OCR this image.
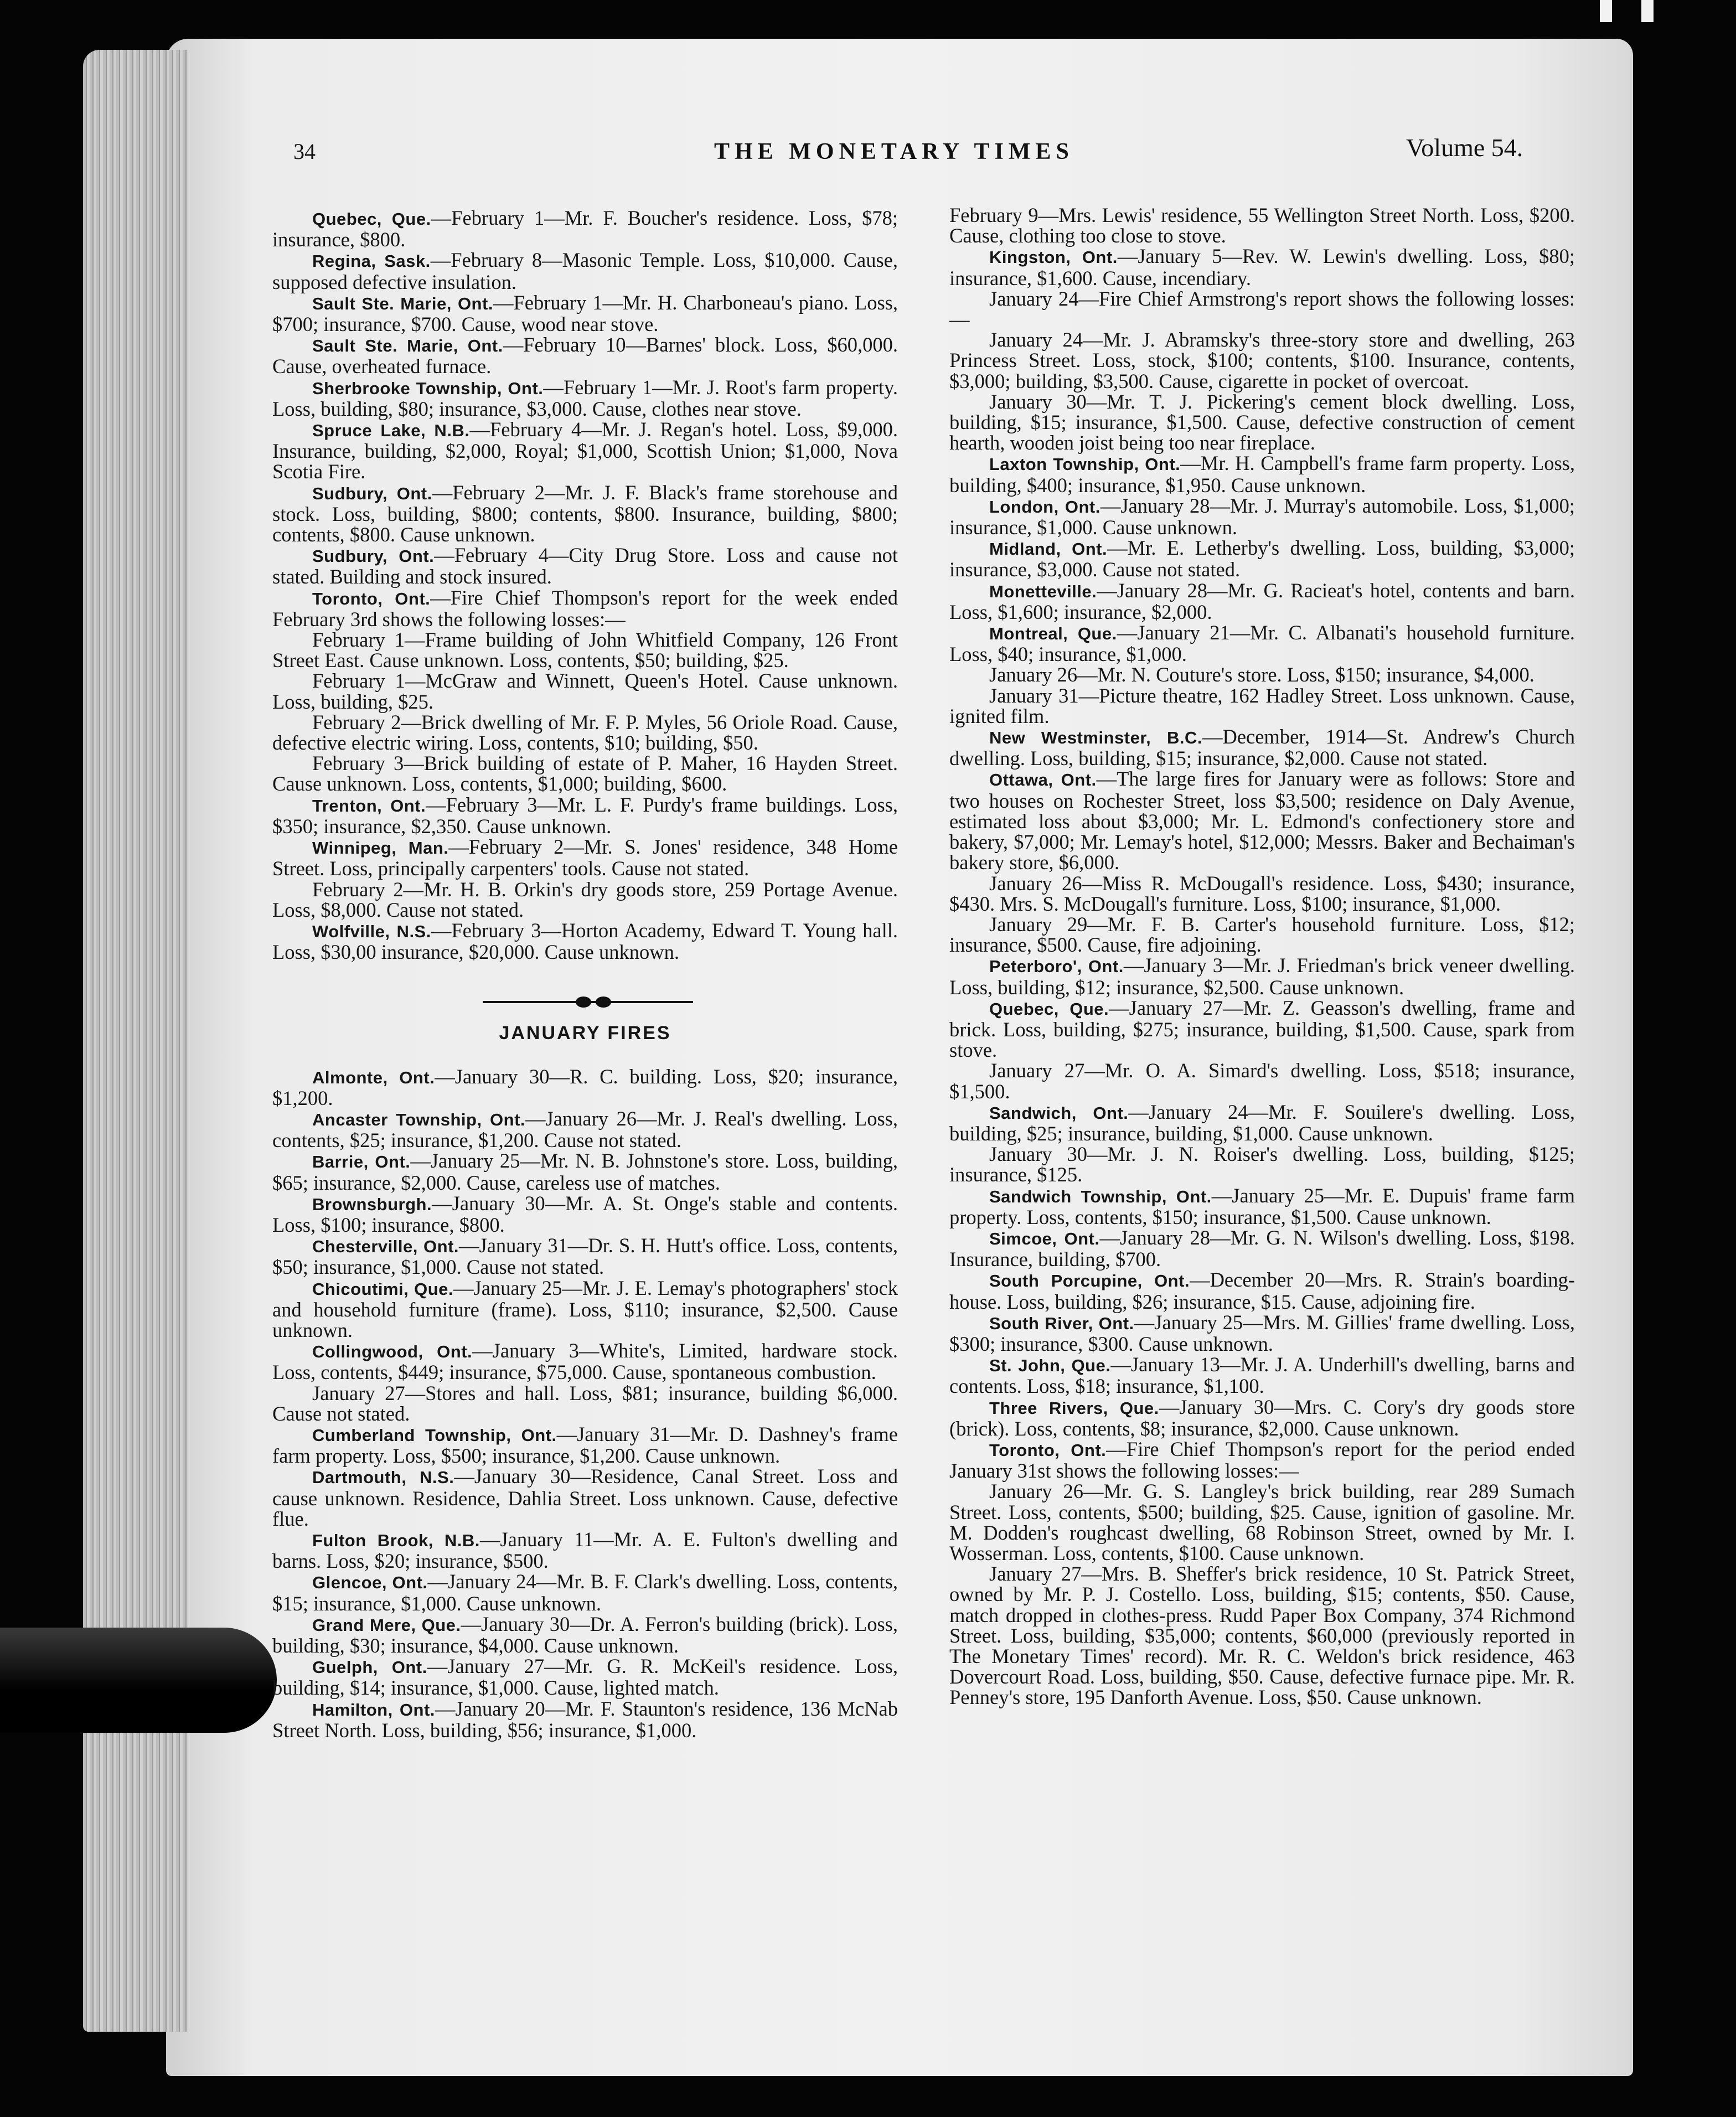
34	THE MONETARY TIMES	Volume 54.

Quebec, Que.—February 1—Mr. F. Boucher's residence. Loss, $78; insurance, $800.

Regina, Sask.—February 8—Masonic Temple. Loss, $10,000. Cause, supposed defective insulation.

Sault Ste. Marie, Ont.—February 1—Mr. H. Charboneau's piano. Loss, $700; insurance, $700. Cause, wood near stove.

Sault Ste. Marie, Ont.—February 10—Barnes' block. Loss, $60,000. Cause, overheated furnace.

Sherbrooke Township, Ont.—February 1—Mr. J. Root's farm property. Loss, building, $80; insurance, $3,000. Cause, clothes near stove.

Spruce Lake, N.B.—February 4—Mr. J. Regan's hotel. Loss, $9,000. Insurance, building, $2,000, Royal; $1,000, Scottish Union; $1,000, Nova Scotia Fire.

Sudbury, Ont.—February 2—Mr. J. F. Black's frame storehouse and stock. Loss, building, $800; contents, $800. Insurance, building, $800; contents, $800. Cause unknown.

Sudbury, Ont.—February 4—City Drug Store. Loss and cause not stated. Building and stock insured.

Toronto, Ont.—Fire Chief Thompson's report for the week ended February 3rd shows the following losses:—

February 1—Frame building of John Whitfield Company, 126 Front Street East. Cause unknown. Loss, contents, $50; building, $25.

February 1—McGraw and Winnett, Queen's Hotel. Cause unknown. Loss, building, $25.

February 2—Brick dwelling of Mr. F. P. Myles, 56 Oriole Road. Cause, defective electric wiring. Loss, contents, $10; building, $50.

February 3—Brick building of estate of P. Maher, 16 Hayden Street. Cause unknown. Loss, contents, $1,000; building, $600.

Trenton, Ont.—February 3—Mr. L. F. Purdy's frame buildings. Loss, $350; insurance, $2,350. Cause unknown.

Winnipeg, Man.—February 2—Mr. S. Jones' residence, 348 Home Street. Loss, principally carpenters' tools. Cause not stated.

February 2—Mr. H. B. Orkin's dry goods store, 259 Portage Avenue. Loss, $8,000. Cause not stated.

Wolfville, N.S.—February 3—Horton Academy, Edward T. Young hall. Loss, $30,00 insurance, $20,000. Cause unknown.

JANUARY FIRES

Almonte, Ont.—January 30—R. C. building. Loss, $20; insurance, $1,200.

Ancaster Township, Ont.—January 26—Mr. J. Real's dwelling. Loss, contents, $25; insurance, $1,200. Cause not stated.

Barrie, Ont.—January 25—Mr. N. B. Johnstone's store. Loss, building, $65; insurance, $2,000. Cause, careless use of matches.

Brownsburgh.—January 30—Mr. A. St. Onge's stable and contents. Loss, $100; insurance, $800.

Chesterville, Ont.—January 31—Dr. S. H. Hutt's office. Loss, contents, $50; insurance, $1,000. Cause not stated.

Chicoutimi, Que.—January 25—Mr. J. E. Lemay's photographers' stock and household furniture (frame). Loss, $110; insurance, $2,500. Cause unknown.

Collingwood, Ont.—January 3—White's, Limited, hardware stock. Loss, contents, $449; insurance, $75,000. Cause, spontaneous combustion.

January 27—Stores and hall. Loss, $81; insurance, building $6,000. Cause not stated.

Cumberland Township, Ont.—January 31—Mr. D. Dashney's frame farm property. Loss, $500; insurance, $1,200. Cause unknown.

Dartmouth, N.S.—January 30—Residence, Canal Street. Loss and cause unknown. Residence, Dahlia Street. Loss unknown. Cause, defective flue.

Fulton Brook, N.B.—January 11—Mr. A. E. Fulton's dwelling and barns. Loss, $20; insurance, $500.

Glencoe, Ont.—January 24—Mr. B. F. Clark's dwelling. Loss, contents, $15; insurance, $1,000. Cause unknown.

Grand Mere, Que.—January 30—Dr. A. Ferron's building (brick). Loss, building, $30; insurance, $4,000. Cause unknown.

Guelph, Ont.—January 27—Mr. G. R. McKeil's residence. Loss, building, $14; insurance, $1,000. Cause, lighted match.

Hamilton, Ont.—January 20—Mr. F. Staunton's residence, 136 McNab Street North. Loss, building, $56; insurance, $1,000.

February 9—Mrs. Lewis' residence, 55 Wellington Street North. Loss, $200. Cause, clothing too close to stove.

Kingston, Ont.—January 5—Rev. W. Lewin's dwelling. Loss, $80; insurance, $1,600. Cause, incendiary.

January 24—Fire Chief Armstrong's report shows the following losses:—

January 24—Mr. J. Abramsky's three-story store and dwelling, 263 Princess Street. Loss, stock, $100; contents, $100. Insurance, contents, $3,000; building, $3,500. Cause, cigarette in pocket of overcoat.

January 30—Mr. T. J. Pickering's cement block dwelling. Loss, building, $15; insurance, $1,500. Cause, defective construction of cement hearth, wooden joist being too near fireplace.

Laxton Township, Ont.—Mr. H. Campbell's frame farm property. Loss, building, $400; insurance, $1,950. Cause unknown.

London, Ont.—January 28—Mr. J. Murray's automobile. Loss, $1,000; insurance, $1,000. Cause unknown.

Midland, Ont.—Mr. E. Letherby's dwelling. Loss, building, $3,000; insurance, $3,000. Cause not stated.

Monetteville.—January 28—Mr. G. Racieat's hotel, contents and barn. Loss, $1,600; insurance, $2,000.

Montreal, Que.—January 21—Mr. C. Albanati's household furniture. Loss, $40; insurance, $1,000.

January 26—Mr. N. Couture's store. Loss, $150; insurance, $4,000.

January 31—Picture theatre, 162 Hadley Street. Loss unknown. Cause, ignited film.

New Westminster, B.C.—December, 1914—St. Andrew's Church dwelling. Loss, building, $15; insurance, $2,000. Cause not stated.

Ottawa, Ont.—The large fires for January were as follows: Store and two houses on Rochester Street, loss $3,500; residence on Daly Avenue, estimated loss about $3,000; Mr. L. Edmond's confectionery store and bakery, $7,000; Mr. Lemay's hotel, $12,000; Messrs. Baker and Bechaiman's bakery store, $6,000.

January 26—Miss R. McDougall's residence. Loss, $430; insurance, $430. Mrs. S. McDougall's furniture. Loss, $100; insurance, $1,000.

January 29—Mr. F. B. Carter's household furniture. Loss, $12; insurance, $500. Cause, fire adjoining.

Peterboro', Ont.—January 3—Mr. J. Friedman's brick veneer dwelling. Loss, building, $12; insurance, $2,500. Cause unknown.

Quebec, Que.—January 27—Mr. Z. Geasson's dwelling, frame and brick. Loss, building, $275; insurance, building, $1,500. Cause, spark from stove.

January 27—Mr. O. A. Simard's dwelling. Loss, $518; insurance, $1,500.

Sandwich, Ont.—January 24—Mr. F. Souilere's dwelling. Loss, building, $25; insurance, building, $1,000. Cause unknown.

January 30—Mr. J. N. Roiser's dwelling. Loss, building, $125; insurance, $125.

Sandwich Township, Ont.—January 25—Mr. E. Dupuis' frame farm property. Loss, contents, $150; insurance, $1,500. Cause unknown.

Simcoe, Ont.—January 28—Mr. G. N. Wilson's dwelling. Loss, $198. Insurance, building, $700.

South Porcupine, Ont.—December 20—Mrs. R. Strain's boarding-house. Loss, building, $26; insurance, $15. Cause, adjoining fire.

South River, Ont.—January 25—Mrs. M. Gillies' frame dwelling. Loss, $300; insurance, $300. Cause unknown.

St. John, Que.—January 13—Mr. J. A. Underhill's dwelling, barns and contents. Loss, $18; insurance, $1,100.

Three Rivers, Que.—January 30—Mrs. C. Cory's dry goods store (brick). Loss, contents, $8; insurance, $2,000. Cause unknown.

Toronto, Ont.—Fire Chief Thompson's report for the period ended January 31st shows the following losses:—

January 26—Mr. G. S. Langley's brick building, rear 289 Sumach Street. Loss, contents, $500; building, $25. Cause, ignition of gasoline. Mr. M. Dodden's roughcast dwelling, 68 Robinson Street, owned by Mr. I. Wosserman. Loss, contents, $100. Cause unknown.

January 27—Mrs. B. Sheffer's brick residence, 10 St. Patrick Street, owned by Mr. P. J. Costello. Loss, building, $15; contents, $50. Cause, match dropped in clothes-press. Rudd Paper Box Company, 374 Richmond Street. Loss, building, $35,000; contents, $60,000 (previously reported in The Monetary Times' record). Mr. R. C. Weldon's brick residence, 463 Dovercourt Road. Loss, building, $50. Cause, defective furnace pipe. Mr. R. Penney's store, 195 Danforth Avenue. Loss, $50. Cause unknown.
